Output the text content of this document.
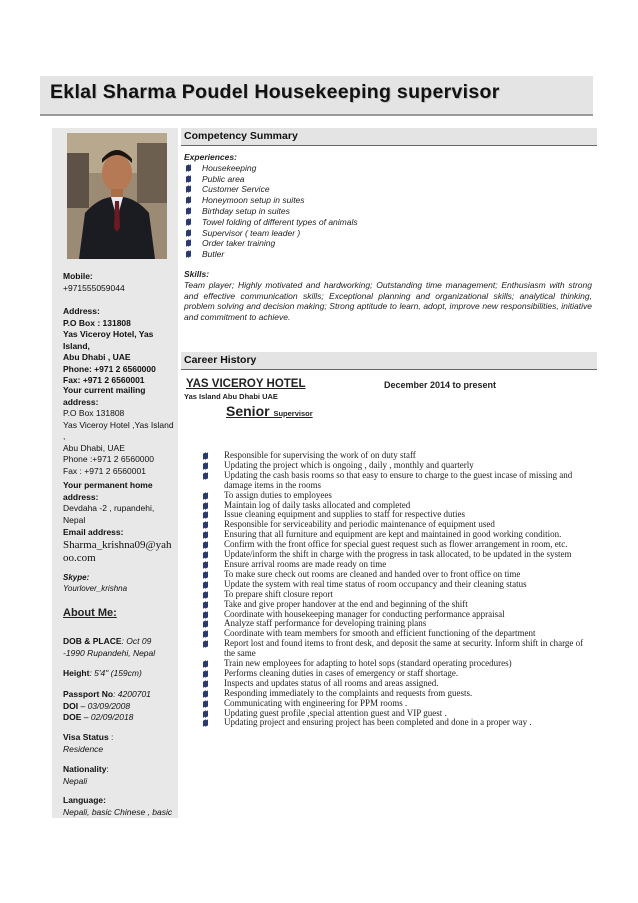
Eklal Sharma Poudel Housekeeping supervisor
Mobile:
+971555059044
Address:
P.O Box : 131808
Yas Viceroy Hotel, Yas Island,
Abu Dhabi , UAE
Phone: +971 2 6560000
Fax: +971 2 6560001
Your current mailing address:
P.O Box 131808
Yas Viceroy Hotel ,Yas Island ,
Abu Dhabi, UAE
Phone :+971 2 6560000
Fax : +971 2 6560001
Your permanent home address:
Devdaha -2 , rupandehi, Nepal
Email address:
Sharma_krishna09@yahoo.com
Skype:
Yourlover_krishna
About Me:
DOB & PLACE: Oct 09 -1990 Rupandehi, Nepal
Height: 5'4" (159cm)
Passport No: 4200701
DOI – 03/09/2008
DOE – 02/09/2018
Visa Status :
Residence
Nationality:
Nepali
Language:
Nepali, basic Chinese , basic
Competency Summary
Experiences:
Housekeeping
Public area
Customer Service
Honeymoon setup in suites
Birthday setup in suites
Towel folding of different types of animals
Supervisor ( team leader )
Order taker training
Butler
Skills:
Team player; Highly motivated and hardworking; Outstanding time management; Enthusiasm with strong and effective communication skills; Exceptional planning and organizational skills; analytical thinking, problem solving and decision making; Strong aptitude to learn, adopt, improve new responsibilities, initiative and commitment to achieve.
Career History
YAS VICEROY HOTEL	December 2014 to present
Yas Island Abu Dhabi UAE
Senior Supervisor
Responsible for supervising the work of on duty staff
Updating the project which is ongoing , daily , monthly and quarterly
Updating the cash basis rooms so that easy to ensure to charge to the guest incase of missing and damage items in the rooms
To assign duties to employees
Maintain log of daily tasks allocated and completed
Issue cleaning equipment and supplies to staff for respective duties
Responsible for serviceability and periodic maintenance of equipment used
Ensuring that all furniture and equipment are kept and maintained in good working condition.
Confirm with the front office for special guest request such as flower arrangement in room, etc.
Update/inform the shift in charge with the progress in task allocated, to be updated in the system
Ensure arrival rooms are made ready on time
To make sure check out rooms are cleaned and handed over to front office on time
Update the system with real time status of room occupancy and their cleaning status
To prepare shift closure report
Take and give proper handover at the end and beginning of the shift
Coordinate with housekeeping manager for conducting performance appraisal
Analyze staff performance for developing training plans
Coordinate with team members for smooth and efficient functioning of the department
Report lost and found items to front desk, and deposit the same at security. Inform shift in charge of the same
Train new employees for adapting to hotel sops (standard operating procedures)
Performs cleaning duties in cases of emergency or staff shortage.
Inspects and updates status of all rooms and areas assigned.
Responding immediately to the complaints and requests from guests.
Communicating with engineering for PPM rooms .
Updating guest profile ,special attention guest and VIP guest .
Updating project and ensuring project has been completed and done in a proper way .
